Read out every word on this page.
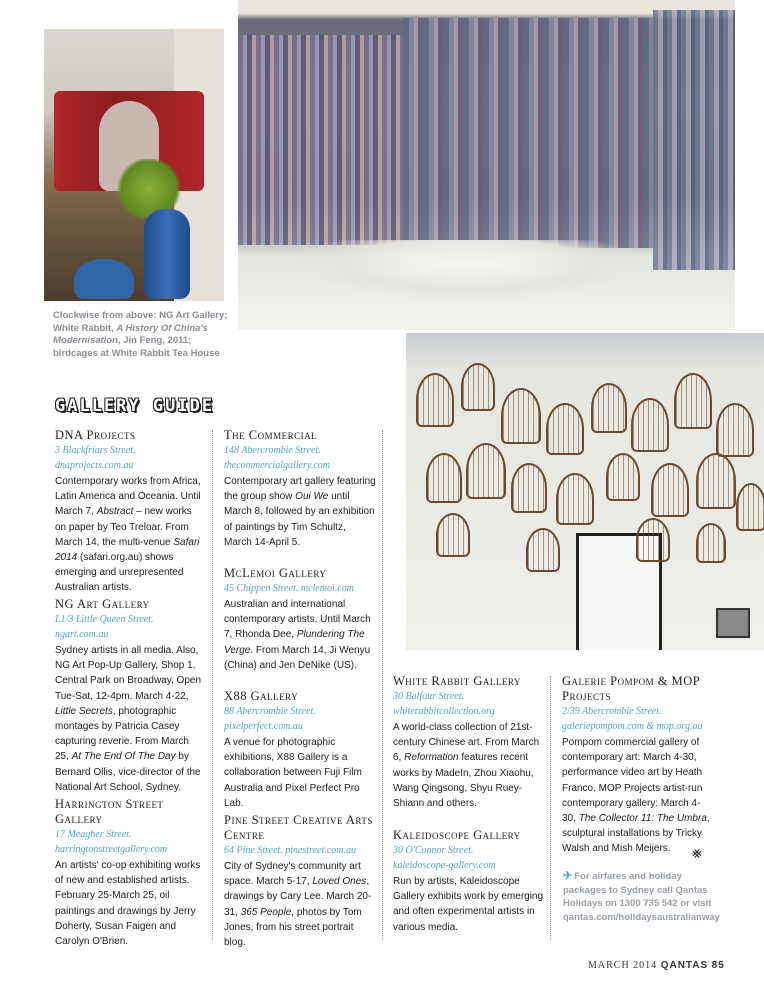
Clockwise from above: NG Art Gallery; White Rabbit, A History Of China's Modernisation, Jin Feng, 2011; birdcages at White Rabbit Tea House
GALLERY GUIDE
DNA Projects
3 Blackfriars Street,
dnaprojects.com.au
Contemporary works from Africa, Latin America and Oceania. Until March 7, Abstract – new works on paper by Teo Treloar. From March 14, the multi-venue Safari 2014 (safari.org.au) shows emerging and unrepresented Australian artists.
NG Art Gallery
L1/3 Little Queen Street.
ngart.com.au
Sydney artists in all media. Also, NG Art Pop-Up Gallery, Shop 1, Central Park on Broadway, Open Tue-Sat, 12-4pm. March 4-22, Little Secrets, photographic montages by Patricia Casey capturing reverie. From March 25, At The End Of The Day by Bernard Ollis, vice-director of the National Art School, Sydney.
Harrington Street Gallery
17 Meagher Street.
harringtonstreetgallery.com
An artists' co-op exhibiting works of new and established artists. February 25-March 25, oil paintings and drawings by Jerry Doherty, Susan Faigen and Carolyn O'Brien.
The Commercial
148 Abercrombie Street.
thecommercialgallery.com
Contemporary art gallery featuring the group show Oui We until March 8, followed by an exhibition of paintings by Tim Schultz, March 14-April 5.
McLemoi Gallery
45 Chippen Street. mclemoi.com
Australian and international contemporary artists. Until March 7, Rhonda Dee, Plundering The Verge. From March 14, Ji Wenyu (China) and Jen DeNike (US).
X88 Gallery
88 Abercrombie Street.
pixelperfect.com.au
A venue for photographic exhibitions, X88 Gallery is a collaboration between Fuji Film Australia and Pixel Perfect Pro Lab.
Pine Street Creative Arts Centre
64 Pine Street. pinestreet.com.au
City of Sydney's community art space. March 5-17, Loved Ones, drawings by Cary Lee. March 20-31, 365 People, photos by Tom Jones, from his street portrait blog.
White Rabbit Gallery
30 Balfour Street.
whiterabbitcollection.org
A world-class collection of 21st-century Chinese art. From March 6, Reformation features recent works by MadeIn, Zhou Xiaohu, Wang Qingsong, Shyu Ruey-Shiann and others.
Kaleidoscope Gallery
30 O'Connor Street.
kaleidoscope-gallery.com
Run by artists, Kaleidoscope Gallery exhibits work by emerging and often experimental artists in various media.
Galerie Pompom & MOP Projects
2/39 Abercrombie Street.
galeriepompom.com & mop.org.au
Pompom commercial gallery of contemporary art: March 4-30, performance video art by Heath Franco. MOP Projects artist-run contemporary gallery: March 4-30, The Collector 11: The Umbra, sculptural installations by Tricky Walsh and Mish Meijers.	⨳
✈ For airfares and holiday packages to Sydney call Qantas Holidays on 1300 735 542 or visit qantas.com/holidaysaustralianway
MARCH 2014 QANTAS 85
